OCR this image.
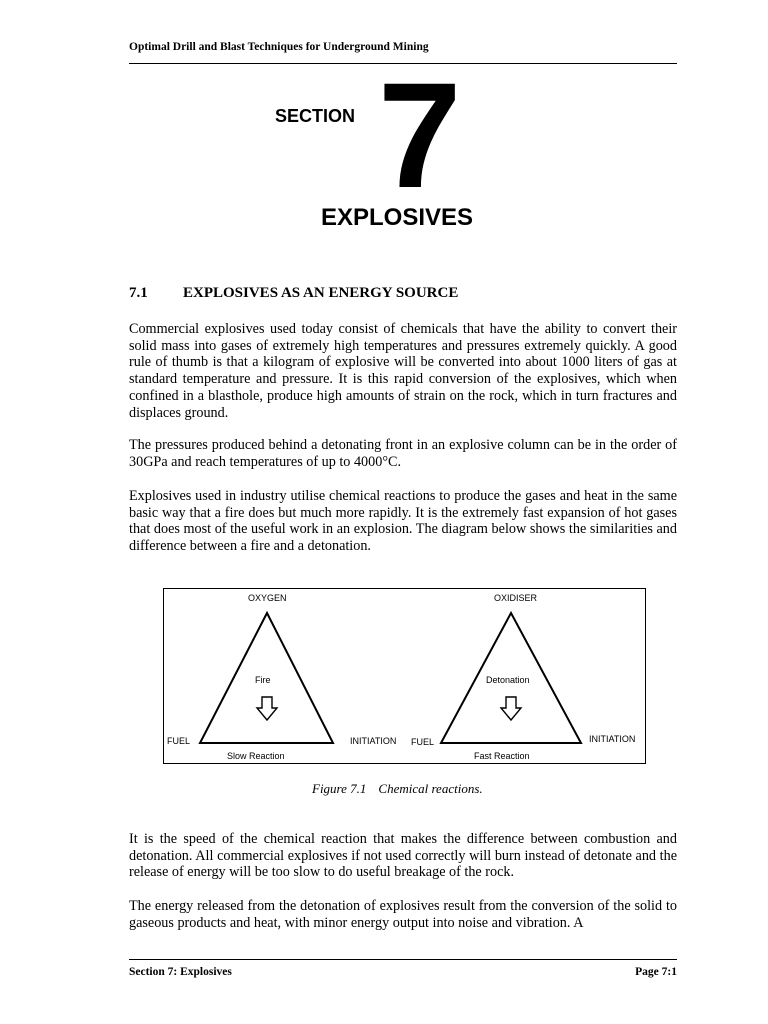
Optimal Drill and Blast Techniques for Underground Mining
SECTION 7
EXPLOSIVES
7.1 EXPLOSIVES AS AN ENERGY SOURCE

Commercial explosives used today consist of chemicals that have the ability to convert their solid mass into gases of extremely high temperatures and pressures extremely quickly. A good rule of thumb is that a kilogram of explosive will be converted into about 1000 liters of gas at standard temperature and pressure. It is this rapid conversion of the explosives, which when confined in a blasthole, produce high amounts of strain on the rock, which in turn fractures and displaces ground.

The pressures produced behind a detonating front in an explosive column can be in the order of 30GPa and reach temperatures of up to 4000°C.

Explosives used in industry utilise chemical reactions to produce the gases and heat in the same basic way that a fire does but much more rapidly. It is the extremely fast expansion of hot gases that does most of the useful work in an explosion. The diagram below shows the similarities and difference between a fire and a detonation.

OXYGEN
Fire
FUEL	INITIATION
Slow Reaction
OXIDISER
Detonation
FUEL	INITIATION
Fast Reaction
Figure 7.1 Chemical reactions.

It is the speed of the chemical reaction that makes the difference between combustion and detonation. All commercial explosives if not used correctly will burn instead of detonate and the release of energy will be too slow to do useful breakage of the rock.

The energy released from the detonation of explosives result from the conversion of the solid to gaseous products and heat, with minor energy output into noise and vibration. A

Section 7: Explosives	Page 7:1
